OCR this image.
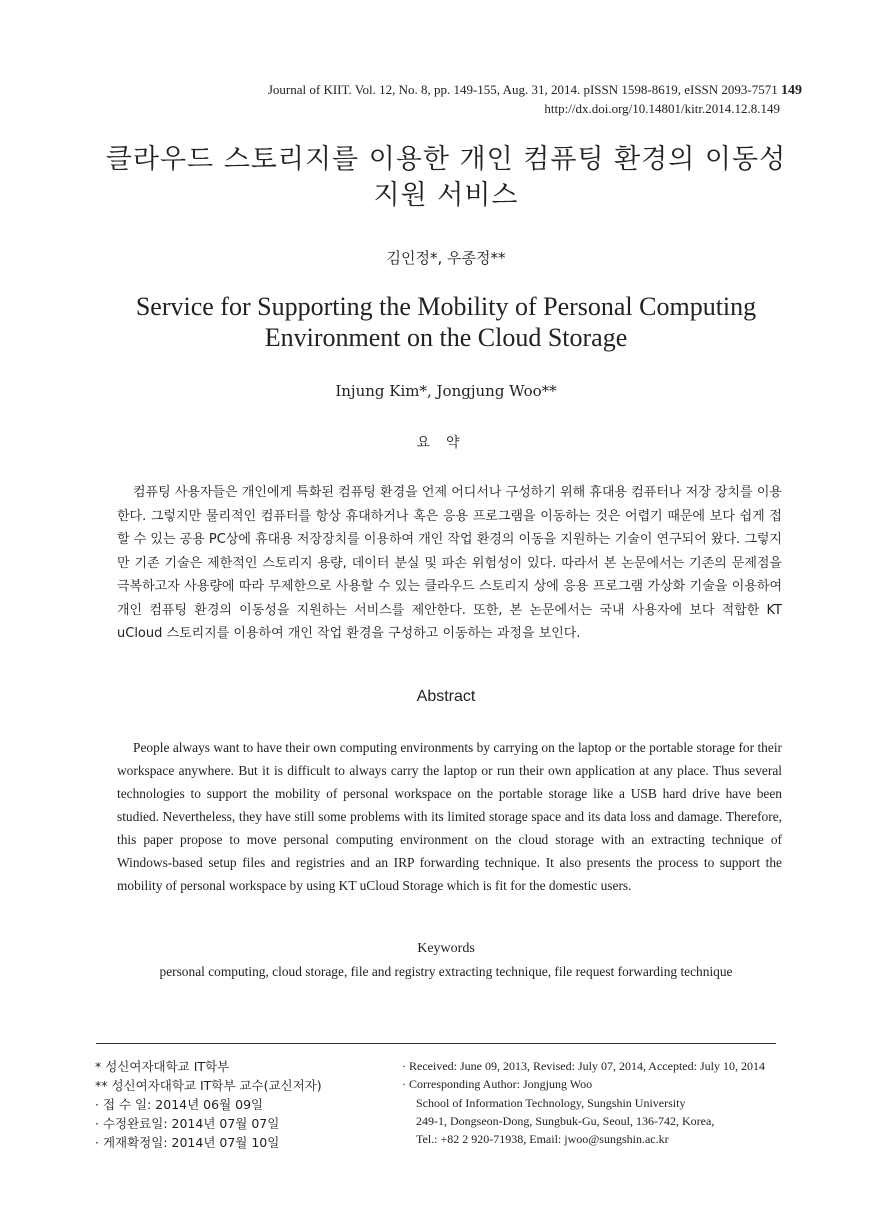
Journal of KIIT. Vol. 12, No. 8, pp. 149-155, Aug. 31, 2014. pISSN 1598-8619, eISSN 2093-7571 149
http://dx.doi.org/10.14801/kitr.2014.12.8.149
클라우드 스토리지를 이용한 개인 컴퓨팅 환경의 이동성
지원 서비스
김인정*, 우종정**
Service for Supporting the Mobility of Personal Computing
Environment on the Cloud Storage
Injung Kim*, Jongjung Woo**
요약
컴퓨팅 사용자들은 개인에게 특화된 컴퓨팅 환경을 언제 어디서나 구성하기 위해 휴대용 컴퓨터나 저장 장치를 이용한다. 그렇지만 물리적인 컴퓨터를 항상 휴대하거나 혹은 응용 프로그램을 이동하는 것은 어렵기 때문에 보다 쉽게 접할 수 있는 공용 PC상에 휴대용 저장장치를 이용하여 개인 작업 환경의 이동을 지원하는 기술이 연구되어 왔다. 그렇지만 기존 기술은 제한적인 스토리지 용량, 데이터 분실 및 파손 위험성이 있다. 따라서 본 논문에서는 기존의 문제점을 극복하고자 사용량에 따라 무제한으로 사용할 수 있는 클라우드 스토리지 상에 응용 프로그램 가상화 기술을 이용하여 개인 컴퓨팅 환경의 이동성을 지원하는 서비스를 제안한다. 또한, 본 논문에서는 국내 사용자에 보다 적합한 KT uCloud 스토리지를 이용하여 개인 작업 환경을 구성하고 이동하는 과정을 보인다.
Abstract
People always want to have their own computing environments by carrying on the laptop or the portable storage for their workspace anywhere. But it is difficult to always carry the laptop or run their own application at any place. Thus several technologies to support the mobility of personal workspace on the portable storage like a USB hard drive have been studied. Nevertheless, they have still some problems with its limited storage space and its data loss and damage. Therefore, this paper propose to move personal computing environment on the cloud storage with an extracting technique of Windows-based setup files and registries and an IRP forwarding technique. It also presents the process to support the mobility of personal workspace by using KT uCloud Storage which is fit for the domestic users.
Keywords
personal computing, cloud storage, file and registry extracting technique, file request forwarding technique
* 성신여자대학교 IT학부
** 성신여자대학교 IT학부 교수(교신저자)
· 접 수 일: 2014년 06월 09일
· 수정완료일: 2014년 07월 07일
· 게재확정일: 2014년 07월 10일
· Received: June 09, 2013, Revised: July 07, 2014, Accepted: July 10, 2014
· Corresponding Author: Jongjung Woo
School of Information Technology, Sungshin University
249-1, Dongseon-Dong, Sungbuk-Gu, Seoul, 136-742, Korea,
Tel.: +82 2 920-71938, Email: jwoo@sungshin.ac.kr
